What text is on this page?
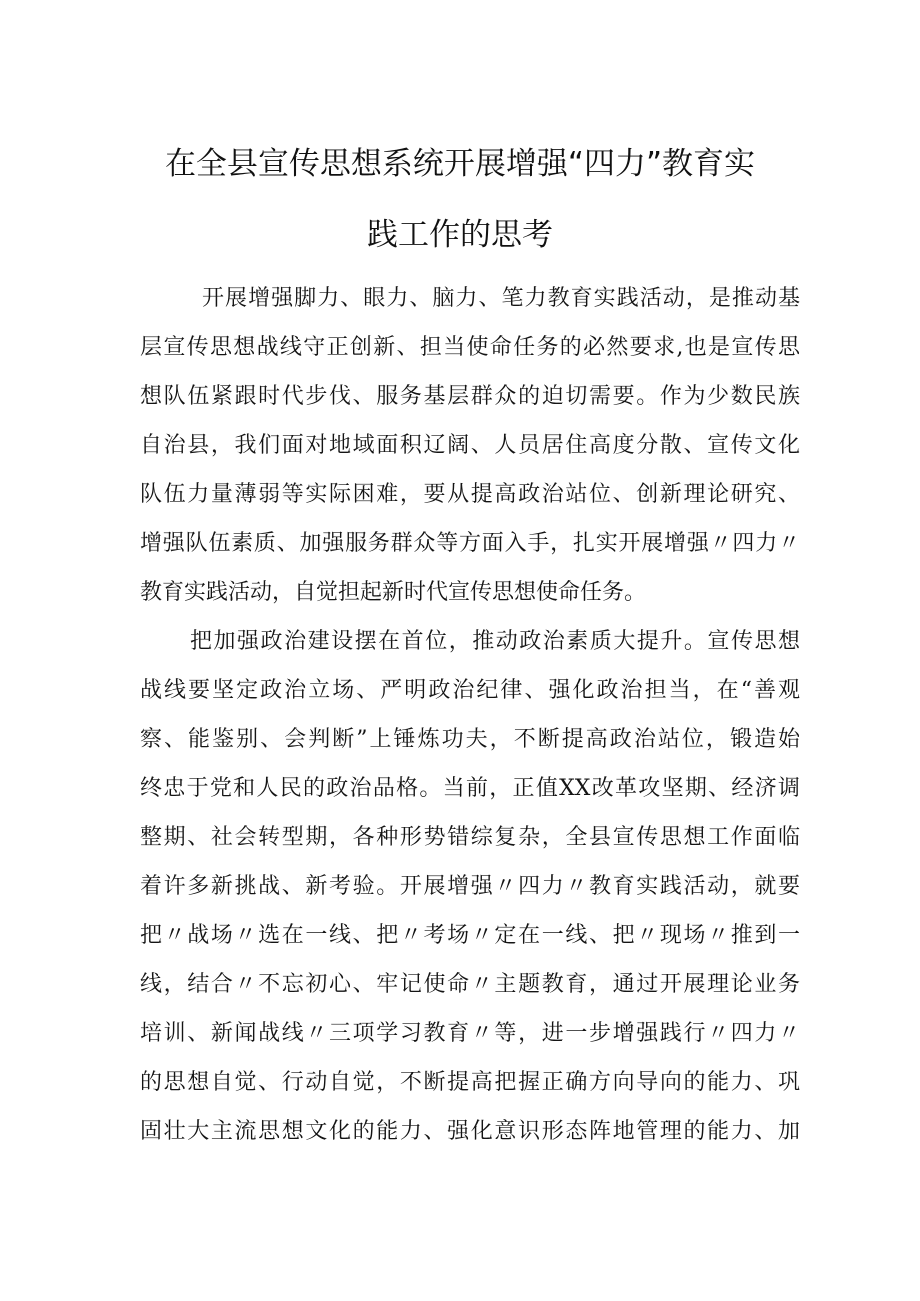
在全县宣传思想系统开展增强“四力”教育实
践工作的思考
开展增强脚力、眼力、脑力、笔力教育实践活动，是推动基
层宣传思想战线守正创新、担当使命任务的必然要求,也是宣传思
想队伍紧跟时代步伐、服务基层群众的迫切需要。作为少数民族
自治县，我们面对地域面积辽阔、人员居住高度分散、宣传文化
队伍力量薄弱等实际困难，要从提高政治站位、创新理论研究、
增强队伍素质、加强服务群众等方面入手，扎实开展增强〃四力〃
教育实践活动，自觉担起新时代宣传思想使命任务。
把加强政治建设摆在首位，推动政治素质大提升。宣传思想
战线要坚定政治立场、严明政治纪律、强化政治担当，在“善观
察、能鉴别、会判断”上锤炼功夫，不断提高政治站位，锻造始
终忠于党和人民的政治品格。当前，正值XX改革攻坚期、经济调
整期、社会转型期，各种形势错综复杂，全县宣传思想工作面临
着许多新挑战、新考验。开展增强〃四力〃教育实践活动，就要
把〃战场〃选在一线、把〃考场〃定在一线、把〃现场〃推到一
线，结合〃不忘初心、牢记使命〃主题教育，通过开展理论业务
培训、新闻战线〃三项学习教育〃等，进一步增强践行〃四力〃
的思想自觉、行动自觉，不断提高把握正确方向导向的能力、巩
固壮大主流思想文化的能力、强化意识形态阵地管理的能力、加
